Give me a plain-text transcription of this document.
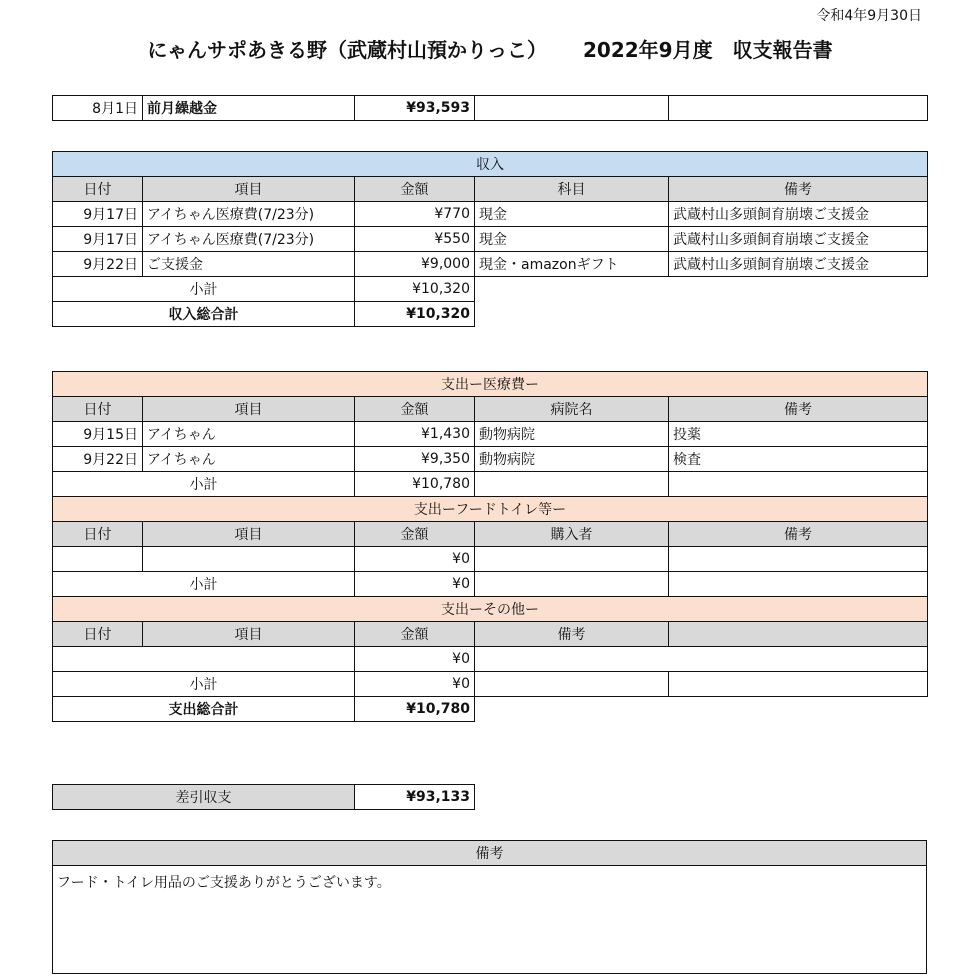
令和4年9月30日
にゃんサポあきる野（武蔵村山預かりっこ） 2022年9月度　収支報告書
8月1日	前月繰越金	¥93,593		
収入				
日付	項目	金額	科目	備考
9月17日	アイちゃん医療費(7/23分)	¥770	現金	武蔵村山多頭飼育崩壊ご支援金
9月17日	アイちゃん医療費(7/23分)	¥550	現金	武蔵村山多頭飼育崩壊ご支援金
9月22日	ご支援金	¥9,000	現金・amazonギフト	武蔵村山多頭飼育崩壊ご支援金
小計		¥10,320		
収入総合計		¥10,320		
支出ー医療費ー				
日付	項目	金額	病院名	備考
9月15日	アイちゃん	¥1,430	動物病院	投薬
9月22日	アイちゃん	¥9,350	動物病院	検査
小計		¥10,780		
支出ーフードトイレ等ー				
日付	項目	金額	購入者	備考
		¥0		
小計		¥0		
支出ーその他ー				
日付	項目	金額	備考	
		¥0		
小計		¥0		
支出総合計		¥10,780		
差引収支	¥93,133
備考
フード・トイレ用品のご支援ありがとうございます。
